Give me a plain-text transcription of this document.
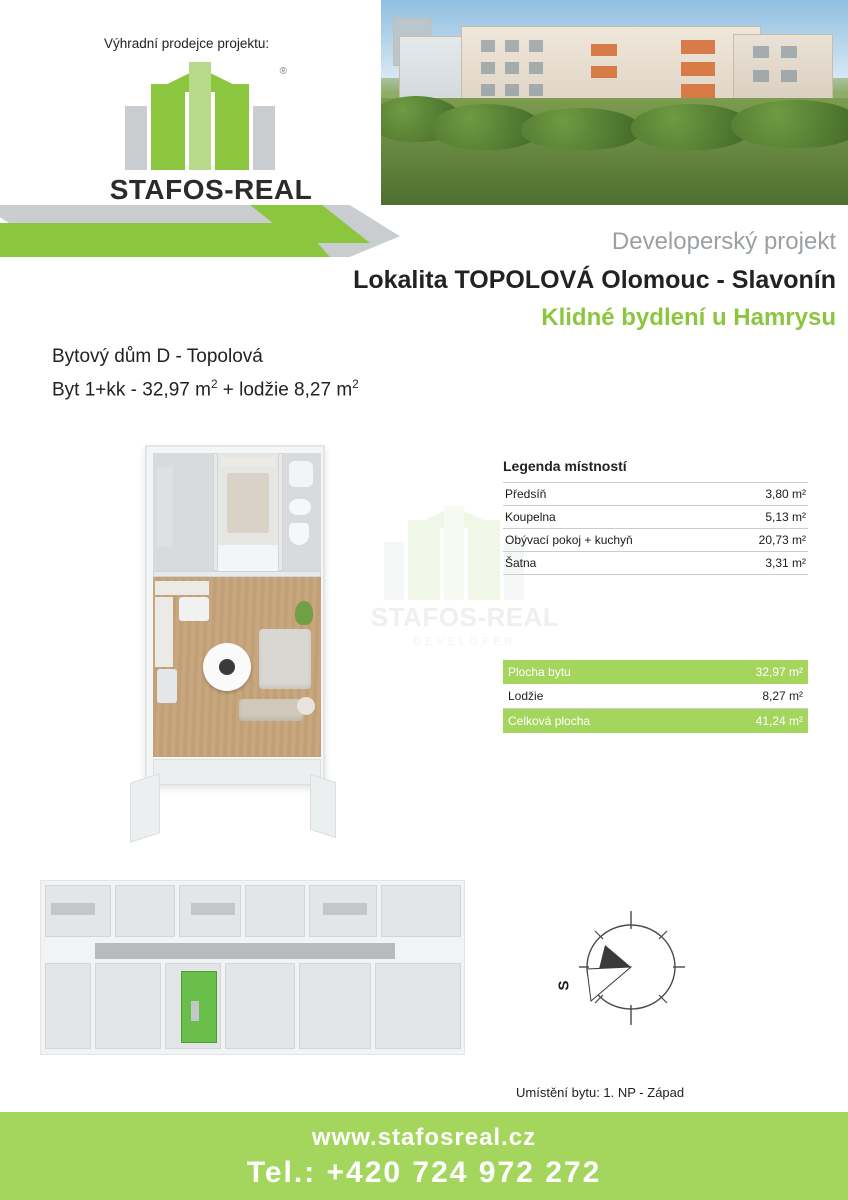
Výhradní prodejce projektu:
®
STAFOS-REAL
Developerský projekt
Lokalita TOPOLOVÁ Olomouc - Slavonín
Klidné bydlení u Hamrysu
Bytový dům D - Topolová
Byt 1+kk - 32,97 $m^2$ + lodžie 8,27 $m^2$
STAFOS-REAL
DEVELOPER
Legenda místností
Předsíň	3,80 m²
Koupelna	5,13 m²
Obývací pokoj + kuchyň	20,73 m²
Šatna	3,31 m²
Plocha bytu	32,97 m²
Lodžie	8,27 m²
Celková plocha	41,24 m²
S
Umístění bytu: 1. NP - Západ
www.stafosreal.cz
Tel.: +420 724 972 272
